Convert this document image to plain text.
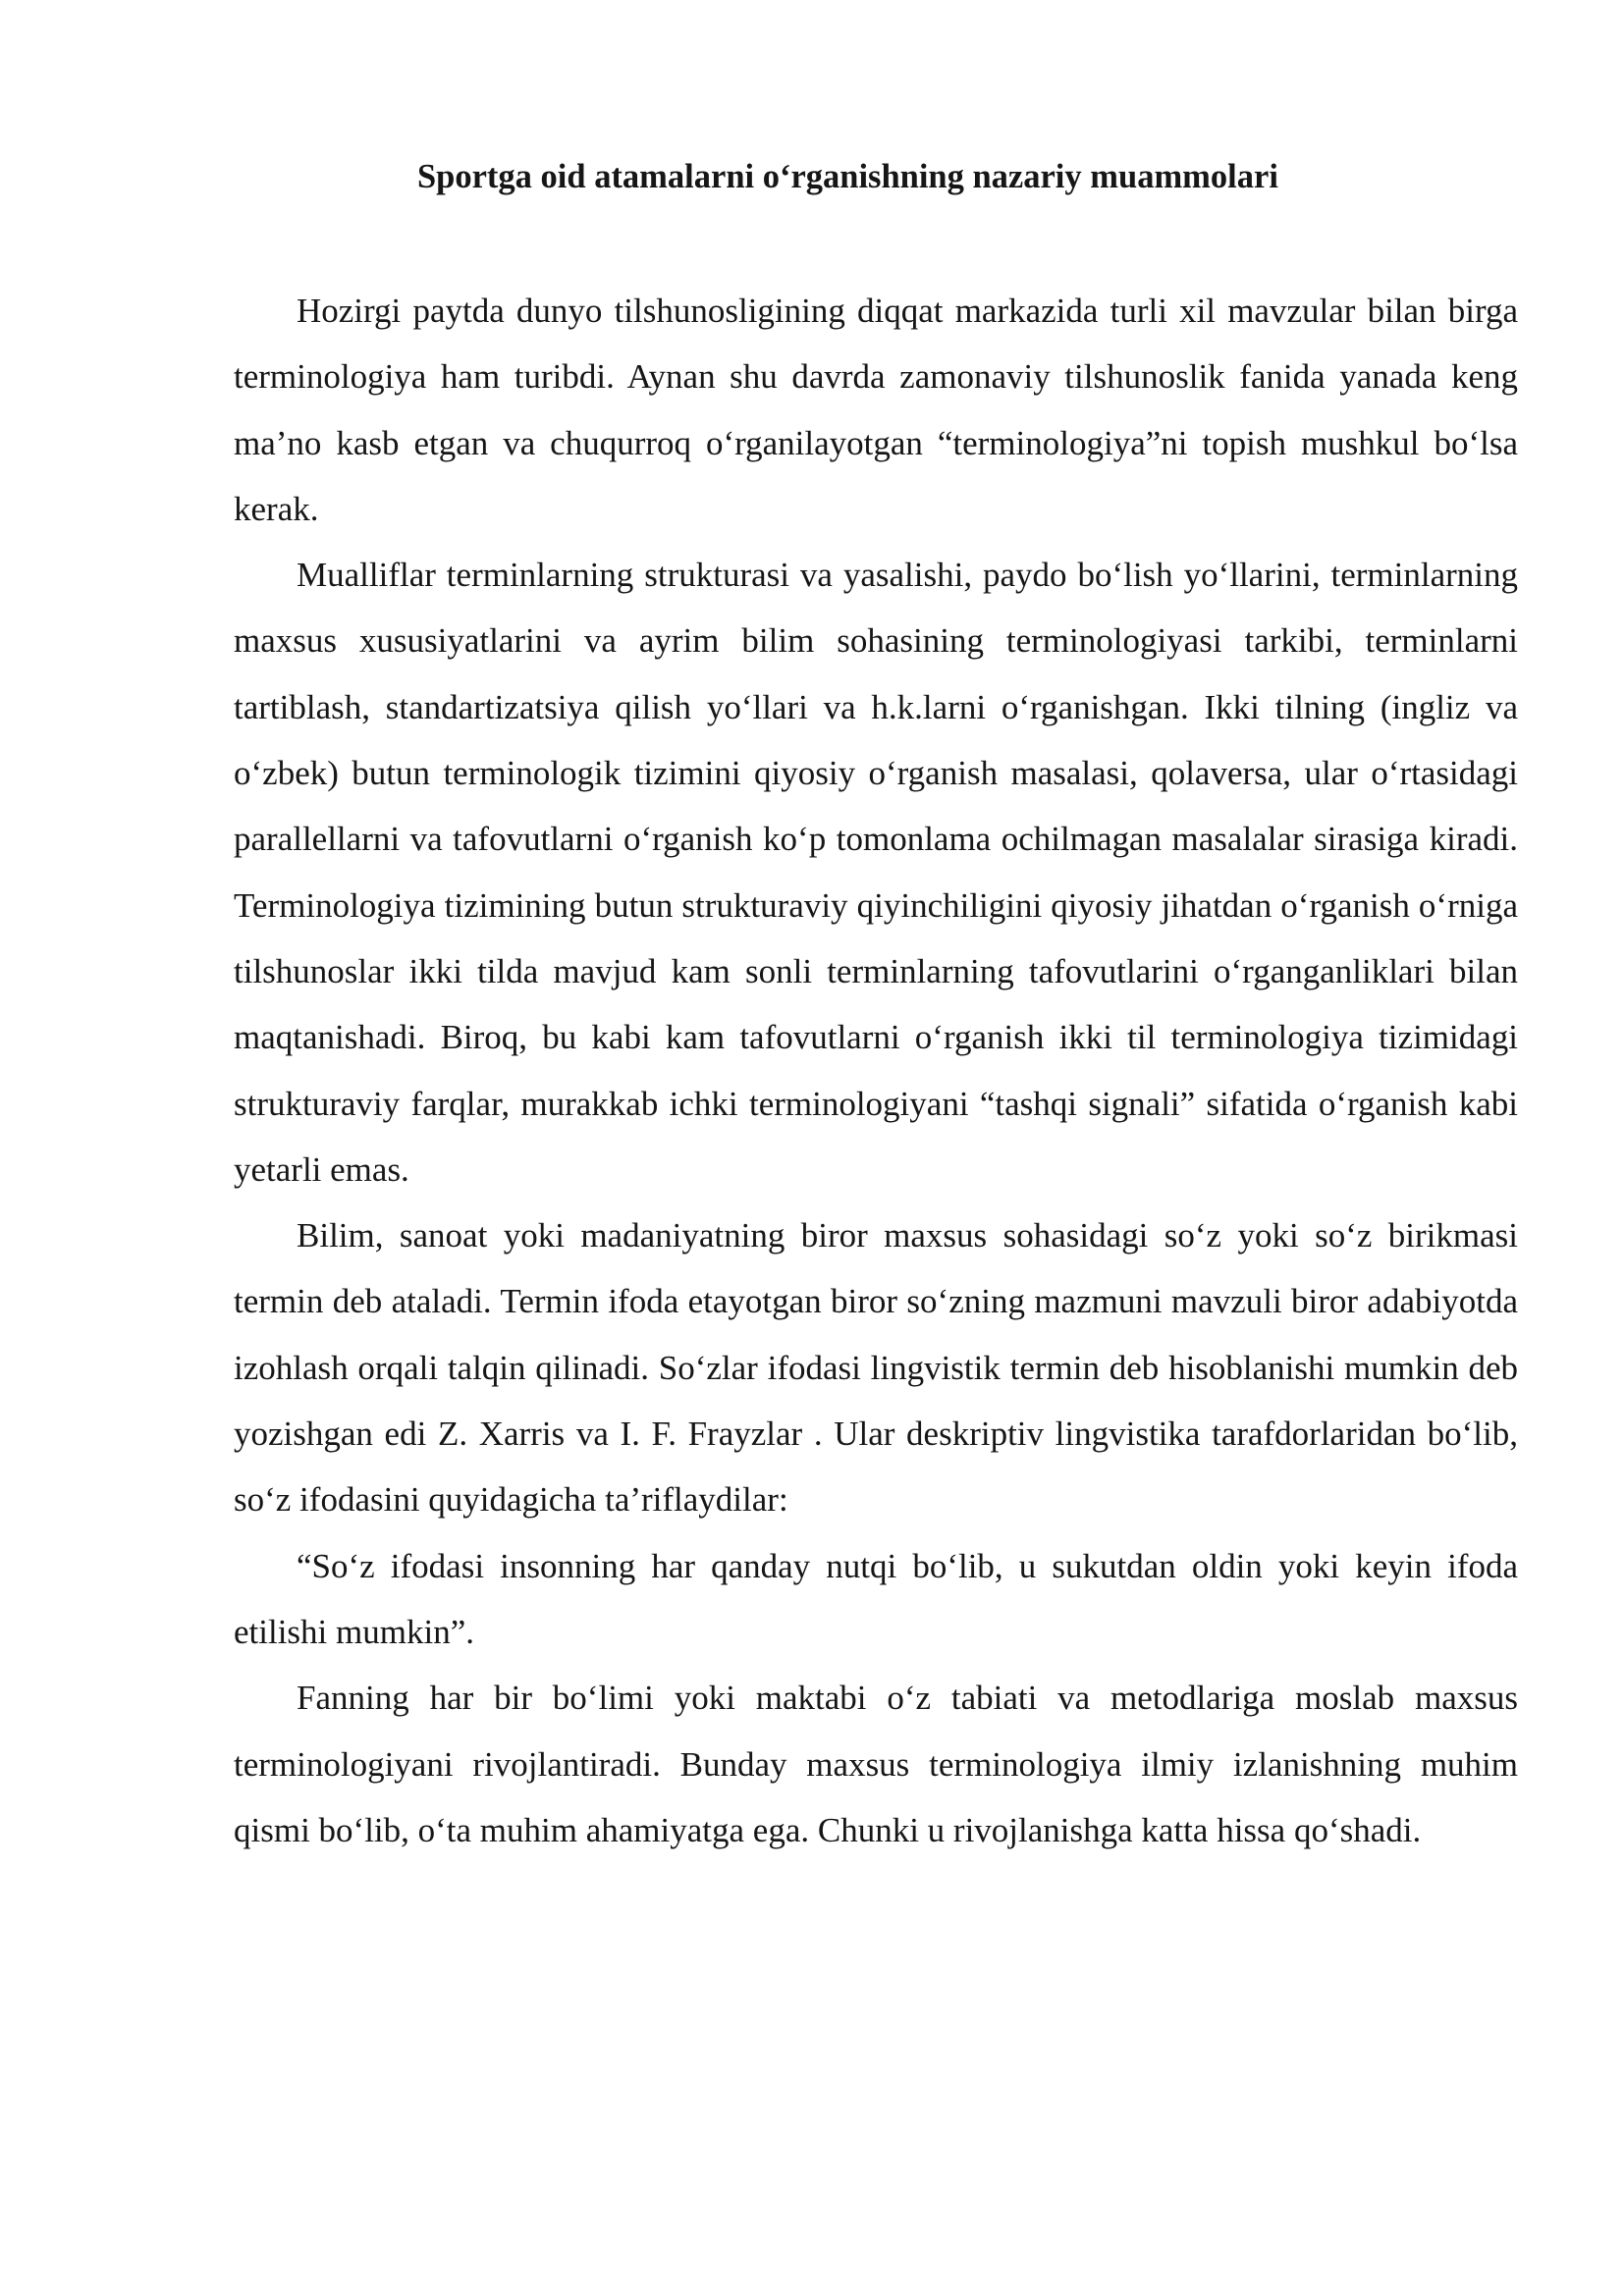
Sportga oid atamalarni o‘rganishning nazariy muammolari

Hozirgi paytda dunyo tilshunosligining diqqat markazida turli xil mavzular bilan birga terminologiya ham turibdi. Aynan shu davrda zamonaviy tilshunoslik fanida yanada keng ma’no kasb etgan va chuqurroq o‘rganilayotgan “terminologiya”ni topish mushkul bo‘lsa kerak.

Mualliflar terminlarning strukturasi va yasalishi, paydo bo‘lish yo‘llarini, terminlarning maxsus xususiyatlarini va ayrim bilim sohasining terminologiyasi tarkibi, terminlarni tartiblash, standartizatsiya qilish yo‘llari va h.k.larni o‘rganishgan. Ikki tilning (ingliz va o‘zbek) butun terminologik tizimini qiyosiy o‘rganish masalasi, qolaversa, ular o‘rtasidagi parallellarni va tafovutlarni o‘rganish ko‘p tomonlama ochilmagan masalalar sirasiga kiradi. Terminologiya tizimining butun strukturaviy qiyinchiligini qiyosiy jihatdan o‘rganish o‘rniga tilshunoslar ikki tilda mavjud kam sonli terminlarning tafovutlarini o‘rganganliklari bilan maqtanishadi. Biroq, bu kabi kam tafovutlarni o‘rganish ikki til terminologiya tizimidagi strukturaviy farqlar, murakkab ichki terminologiyani “tashqi signali” sifatida o‘rganish kabi yetarli emas.

Bilim, sanoat yoki madaniyatning biror maxsus sohasidagi so‘z yoki so‘z birikmasi termin deb ataladi. Termin ifoda etayotgan biror so‘zning mazmuni mavzuli biror adabiyotda izohlash orqali talqin qilinadi. So‘zlar ifodasi lingvistik termin deb hisoblanishi mumkin deb yozishgan edi Z. Xarris va I. F. Frayzlar . Ular deskriptiv lingvistika tarafdorlaridan bo‘lib, so‘z ifodasini quyidagicha ta’riflaydilar:

“So‘z ifodasi insonning har qanday nutqi bo‘lib, u sukutdan oldin yoki keyin ifoda etilishi mumkin”.

Fanning har bir bo‘limi yoki maktabi o‘z tabiati va metodlariga moslab maxsus terminologiyani rivojlantiradi. Bunday maxsus terminologiya ilmiy izlanishning muhim qismi bo‘lib, o‘ta muhim ahamiyatga ega. Chunki u rivojlanishga katta hissa qo‘shadi.
